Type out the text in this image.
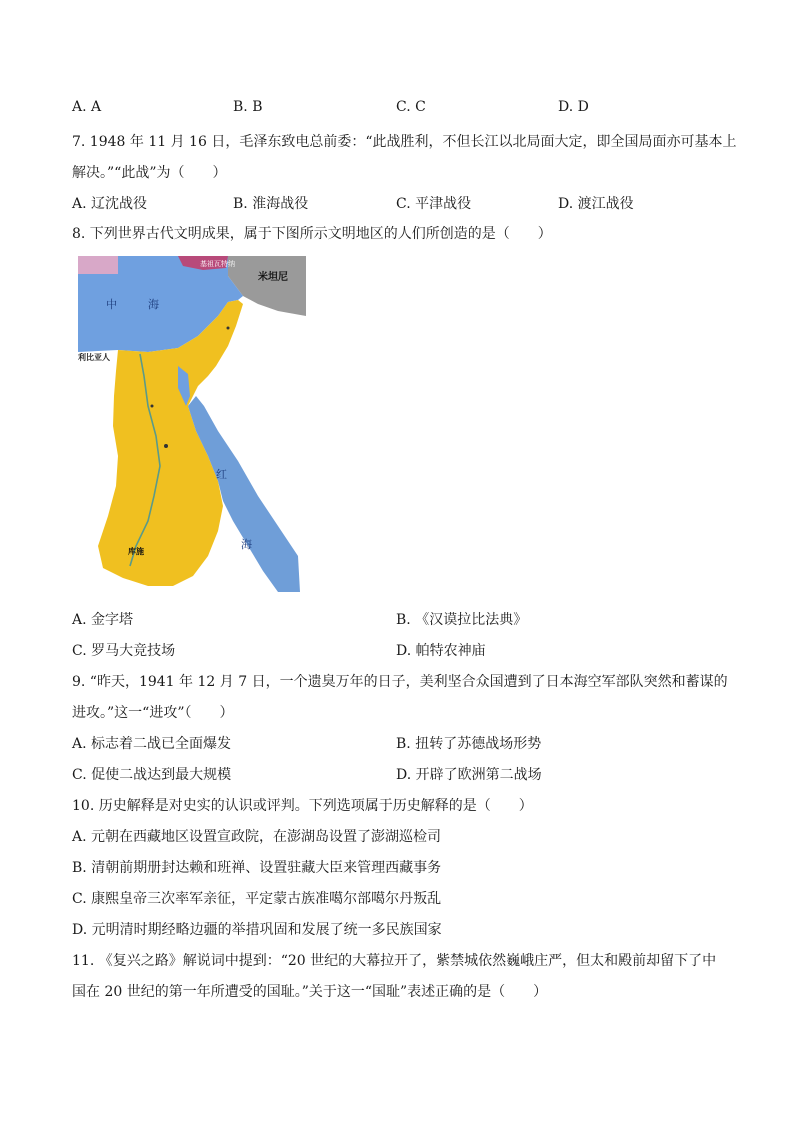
A. A	B. B	C. C	D. D
7. 1948 年 11 月 16 日，毛泽东致电总前委：“此战胜利，不但长江以北局面大定，即全国局面亦可基本上
解决。”“此战”为（　　）
A. 辽沈战役	B. 淮海战役	C. 平津战役	D. 渡江战役
8. 下列世界古代文明成果，属于下图所示文明地区的人们所创造的是（　　）
中	海
利比亚人
米坦尼
基祖瓦特纳
红
海
库施
A. 金字塔	B. 《汉谟拉比法典》
C. 罗马大竞技场	D. 帕特农神庙
9. “昨天，1941 年 12 月 7 日，一个遗臭万年的日子，美利坚合众国遭到了日本海空军部队突然和蓄谋的
进攻。”这一“进攻”（　　）
A. 标志着二战已全面爆发	B. 扭转了苏德战场形势
C. 促使二战达到最大规模	D. 开辟了欧洲第二战场
10. 历史解释是对史实的认识或评判。下列选项属于历史解释的是（　　）
A. 元朝在西藏地区设置宣政院，在澎湖岛设置了澎湖巡检司
B. 清朝前期册封达赖和班禅、设置驻藏大臣来管理西藏事务
C. 康熙皇帝三次率军亲征，平定蒙古族准噶尔部噶尔丹叛乱
D. 元明清时期经略边疆的举措巩固和发展了统一多民族国家
11. 《复兴之路》解说词中提到：“20 世纪的大幕拉开了，紫禁城依然巍峨庄严，但太和殿前却留下了中
国在 20 世纪的第一年所遭受的国耻。”关于这一“国耻”表述正确的是（　　）
